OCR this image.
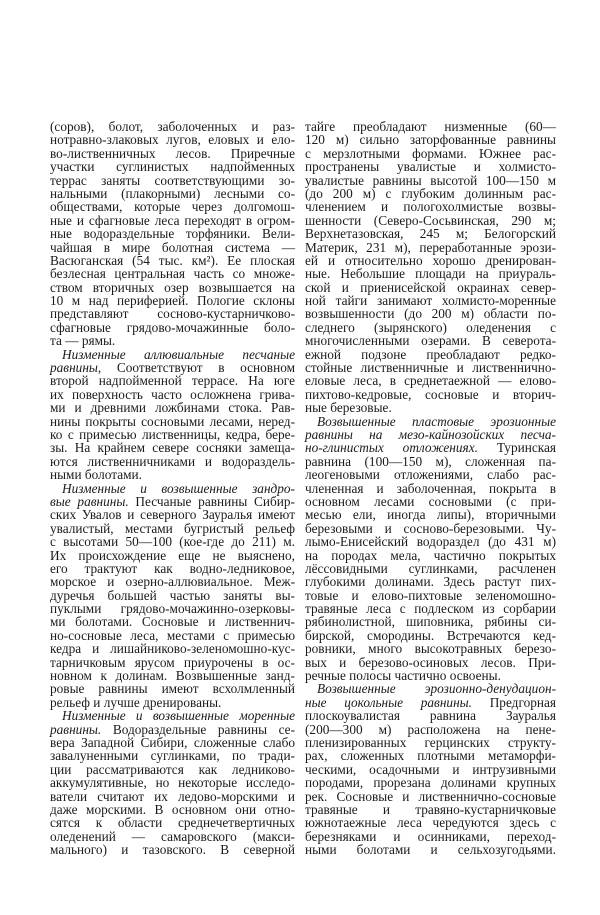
(соров), болот, заболоченных и раз-
нотравно-злаковых лугов, еловых и ело-
во-лиственничных лесов. Приречные
участки суглинистых надпойменных
террас заняты соответствующими зо-
нальными (плакорными) лесными со-
обществами, которые через долгомош-
ные и сфагновые леса переходят в огром-
ные водораздельные торфяники. Вели-
чайшая в мире болотная система —
Васюганская (54 тыс. км²). Ее плоская
безлесная центральная часть со множе-
ством вторичных озер возвышается на
10 м над периферией. Пологие склоны
представляют сосново-кустарничково-
сфагновые грядово-мочажинные боло-
та — рямы.
Низменные аллювиальные песчаные
равнины, Соответствуют в основном
второй надпойменной террасе. На юге
их поверхность часто осложнена грива-
ми и древними ложбинами стока. Рав-
нины покрыты сосновыми лесами, неред-
ко с примесью лиственницы, кедра, бере-
зы. На крайнем севере сосняки замеща-
ются лиственничниками и водораздель-
ными болотами.
Низменные и возвышенные зандро-
вые равнины. Песчаные равнины Сибир-
ских Увалов и северного Зауралья имеют
увалистый, местами бугристый рельеф
с высотами 50—100 (кое-где до 211) м.
Их происхождение еще не выяснено,
его трактуют как водно-ледниковое,
морское и озерно-аллювиальное. Меж-
дуречья большей частью заняты вы-
пуклыми грядово-мочажинно-озерковы-
ми болотами. Сосновые и лиственнич-
но-сосновые леса, местами с примесью
кедра и лишайниково-зеленомошно-кус-
тарничковым ярусом приурочены в ос-
новном к долинам. Возвышенные занд-
ровые равнины имеют всхолмленный
рельеф и лучше дренированы.
Низменные и возвышенные моренные
равнины. Водораздельные равнины се-
вера Западной Сибири, сложенные слабо
завалуненными суглинками, по тради-
ции рассматриваются как ледниково-
аккумулятивные, но некоторые исследо-
ватели считают их ледово-морскими и
даже морскими. В основном они отно-
сятся к области среднечетвертичных
оледенений — самаровского (макси-
мального) и тазовского. В северной
тайге преобладают низменные (60—
120 м) сильно заторфованные равнины
с мерзлотными формами. Южнее рас-
пространены увалистые и холмисто-
увалистые равнины высотой 100—150 м
(до 200 м) с глубоким долинным рас-
членением и пологохолмистые возвы-
шенности (Северо-Сосьвинская, 290 м;
Верхнетазовская, 245 м; Белогорский
Материк, 231 м), переработанные эрози-
ей и относительно хорошо дренирован-
ные. Небольшие площади на приураль-
ской и приенисейской окраинах север-
ной тайги занимают холмисто-моренные
возвышенности (до 200 м) области по-
следнего (зырянского) оледенения с
многочисленными озерами. В северота-
ежной подзоне преобладают редко-
стойные лиственничные и лиственнично-
еловые леса, в среднетаежной — елово-
пихтово-кедровые, сосновые и вторич-
ные березовые.
Возвышенные пластовые эрозионные
равнины на мезо-кайнозойских песча-
но-глинистых отложениях. Туринская
равнина (100—150 м), сложенная па-
леогеновыми отложениями, слабо рас-
члененная и заболоченная, покрыта в
основном лесами сосновыми (с при-
месью ели, иногда липы), вторичными
березовыми и сосново-березовыми. Чу-
лымо-Енисейский водораздел (до 431 м)
на породах мела, частично покрытых
лёссовидными суглинками, расчленен
глубокими долинами. Здесь растут пих-
товые и елово-пихтовые зеленомошно-
травяные леса с подлеском из сорбарии
рябинолистной, шиповника, рябины си-
бирской, смородины. Встречаются кед-
ровники, много высокотравных березо-
вых и березово-осиновых лесов. При-
речные полосы частично освоены.
Возвышенные эрозионно-денудацион-
ные цокольные равнины. Предгорная
плоскоувалистая равнина Зауралья
(200—300 м) расположена на пене-
пленизированных герцинских структу-
рах, сложенных плотными метаморфи-
ческими, осадочными и интрузивными
породами, прорезана долинами крупных
рек. Сосновые и лиственнично-сосновые
травяные и травяно-кустарничковые
южнотаежные леса чередуются здесь с
березняками и осинниками, переход-
ными болотами и сельхозугодьями.
